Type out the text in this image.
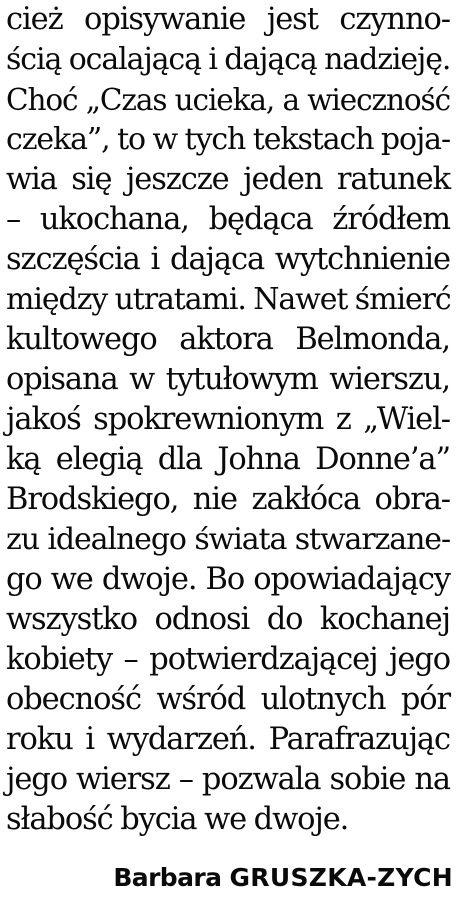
cież opisywanie jest czynno-
ścią ocalającą i dającą nadzieję.
Choć „Czas ucieka, a wieczność
czeka”, to w tych tekstach poja-
wia się jeszcze jeden ratunek
– ukochana, będąca źródłem
szczęścia i dająca wytchnienie
między utratami. Nawet śmierć
kultowego aktora Belmonda,
opisana w tytułowym wierszu,
jakoś spokrewnionym z „Wiel-
ką elegią dla Johna Donne’a”
Brodskiego, nie zakłóca obra-
zu idealnego świata stwarzane-
go we dwoje. Bo opowiadający
wszystko odnosi do kochanej
kobiety – potwierdzającej jego
obecność wśród ulotnych pór
roku i wydarzeń. Parafrazując
jego wiersz – pozwala sobie na
słabość bycia we dwoje.
Barbara GRUSZKA-ZYCH
